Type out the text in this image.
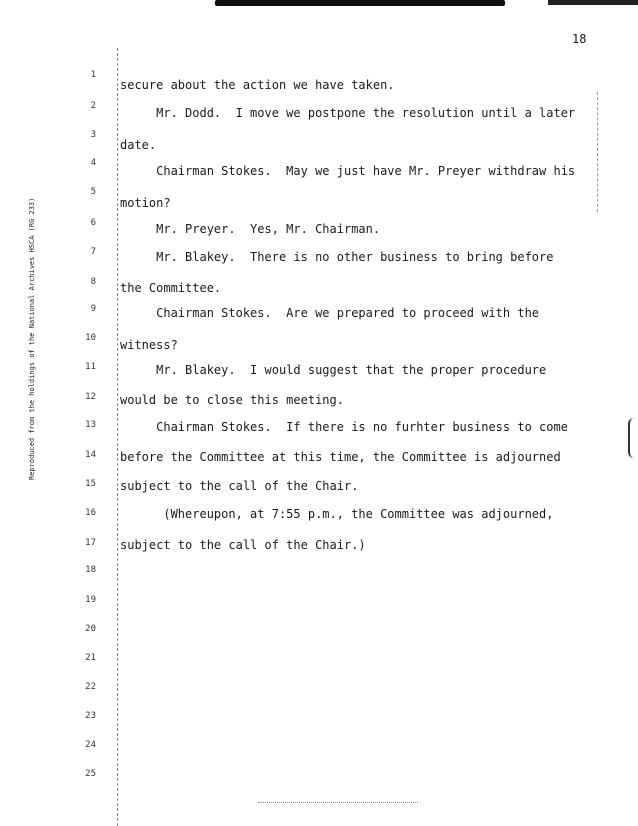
18
Reproduced from the holdings of the National Archives HSCA (RG 233)
1
2
3
4
5
6
7
8
9
10
11
12
13
14
15
16
17
18
19
20
21
22
23
24
25
secure about the action we have taken.
Mr. Dodd.  I move we postpone the resolution until a later
date.
Chairman Stokes.  May we just have Mr. Preyer withdraw his
motion?
Mr. Preyer.  Yes, Mr. Chairman.
Mr. Blakey.  There is no other business to bring before
the Committee.
Chairman Stokes.  Are we prepared to proceed with the
witness?
Mr. Blakey.  I would suggest that the proper procedure
would be to close this meeting.
Chairman Stokes.  If there is no furhter business to come
before the Committee at this time, the Committee is adjourned
subject to the call of the Chair.
(Whereupon, at 7:55 p.m., the Committee was adjourned,
subject to the call of the Chair.)
